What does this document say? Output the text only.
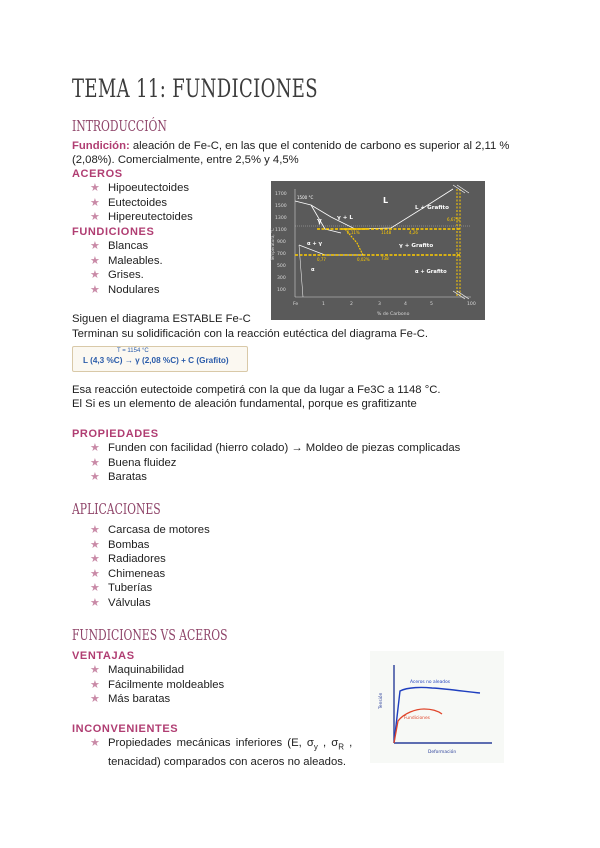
TEMA 11: FUNDICIONES
INTRODUCCIÓN
Fundición: aleación de Fe-C, en las que el contenido de carbono es superior al 2,11 %
(2,08%). Comercialmente, entre 2,5% y 4,5%
ACEROS
★ Hipoeutectoides
★ Eutectoides
★ Hipereutectoides
FUNDICIONES
★ Blancas
★ Maleables.
★ Grises.
★ Nodulares
1700
1500
1300
1100
900
700
500
300
100
Fe	1	2	3	4	5	100
% de Carbono
Temperatura, °C
L
L + Grafito
γ + L
γ
γ + Grafito
α + γ
α	α + Grafito
1148
2,11%	4,26
738
0,77	0,02%
6,67%
1500 °C
Siguen el diagrama ESTABLE Fe-C
Terminan su solidificación con la reacción eutéctica del diagrama Fe-C.
T = 1154 °C
L (4,3 %C) → γ (2,08 %C) + C (Grafito)
Esa reacción eutectoide competirá con la que da lugar a Fe3C a 1148 °C.
El Si es un elemento de aleación fundamental, porque es grafitizante
PROPIEDADES
★ Funden con facilidad (hierro colado) → Moldeo de piezas complicadas
★ Buena fluidez
★ Baratas
APLICACIONES
★ Carcasa de motores
★ Bombas
★ Radiadores
★ Chimeneas
★ Tuberías
★ Válvulas
FUNDICIONES VS ACEROS
VENTAJAS
★ Maquinabilidad
★ Fácilmente moldeables
★ Más baratas
INCONVENIENTES
★ Propiedades mecánicas inferiores (E, $\sigma_y$ , $\sigma_R$ ,
tenacidad) comparados con aceros no aleados.
Aceros no aleados
Fundiciones
Deformación
Tensión
